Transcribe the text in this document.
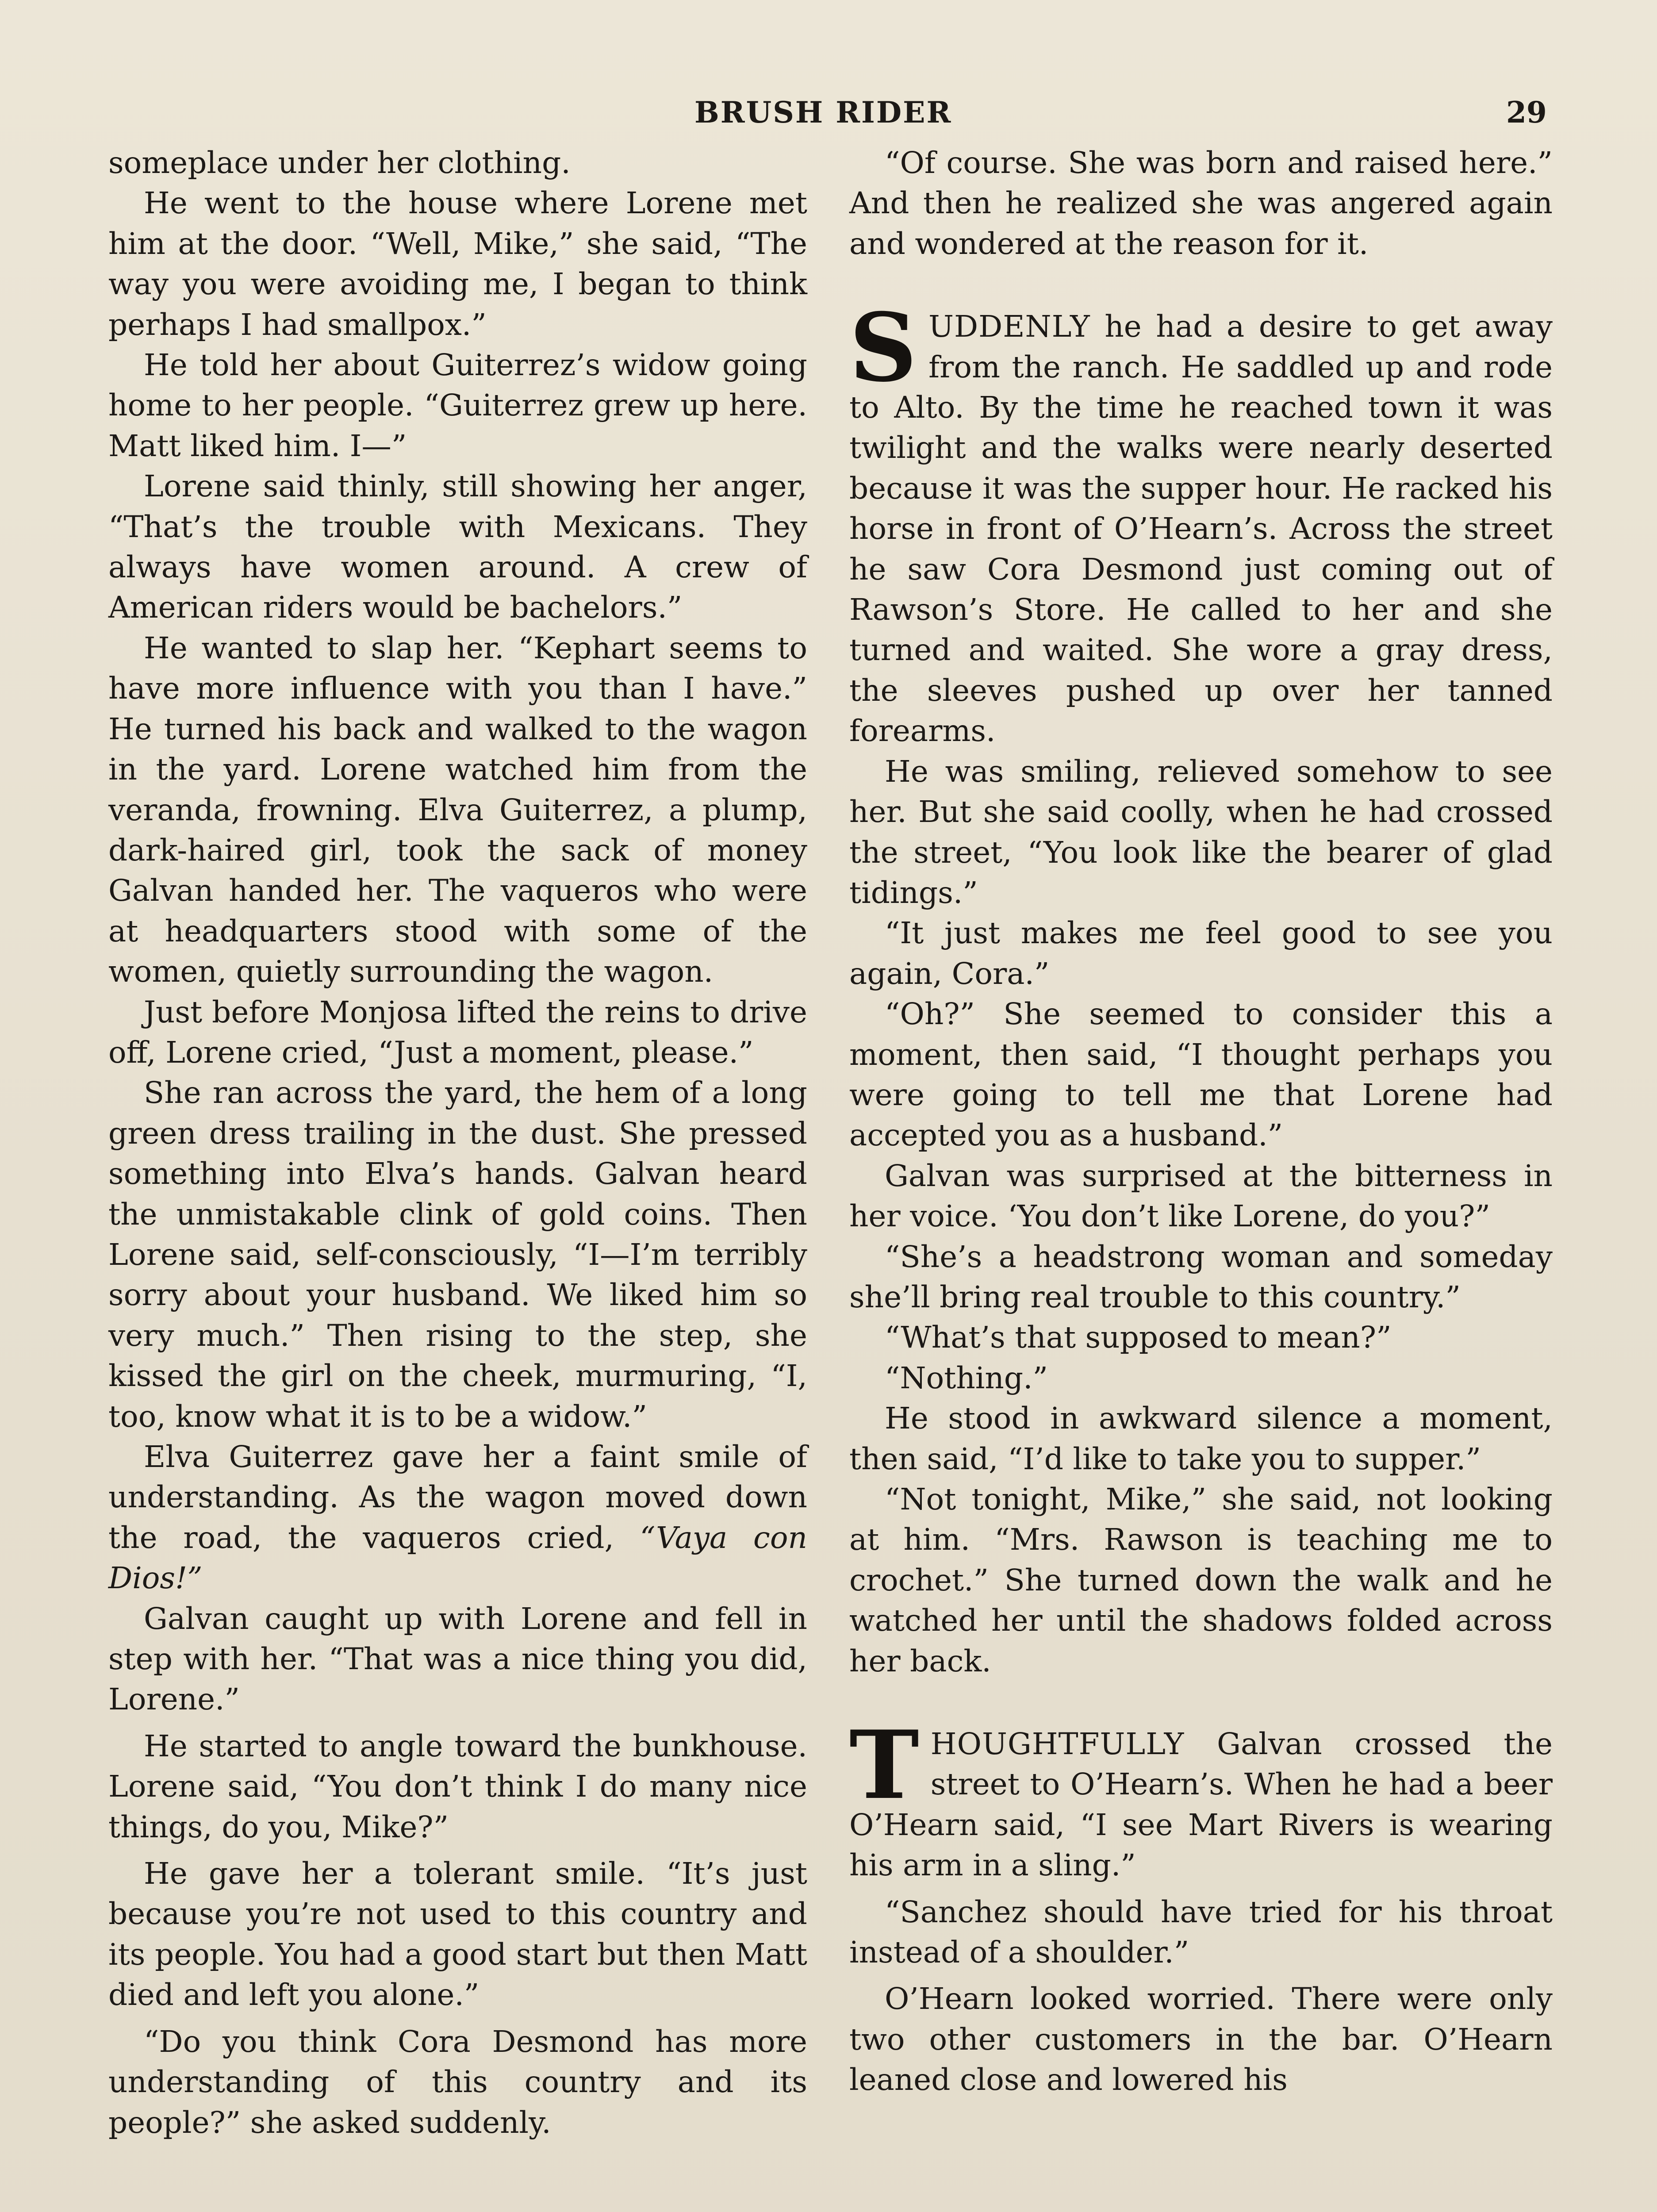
BRUSH RIDER	29

someplace under her clothing.

He went to the house where Lorene met him at the door. “Well, Mike,” she said, “The way you were avoiding me, I began to think perhaps I had smallpox.”

He told her about Guiterrez’s widow going home to her people. “Guiterrez grew up here. Matt liked him. I—”

Lorene said thinly, still showing her anger, “That’s the trouble with Mexicans. They always have women around. A crew of American riders would be bachelors.”

He wanted to slap her. “Kephart seems to have more influence with you than I have.” He turned his back and walked to the wagon in the yard. Lorene watched him from the veranda, frowning. Elva Guiterrez, a plump, dark-haired girl, took the sack of money Galvan handed her. The vaqueros who were at headquarters stood with some of the women, quietly surrounding the wagon.

Just before Monjosa lifted the reins to drive off, Lorene cried, “Just a moment, please.”

She ran across the yard, the hem of a long green dress trailing in the dust. She pressed something into Elva’s hands. Galvan heard the unmistakable clink of gold coins. Then Lorene said, self-consciously, “I—I’m terribly sorry about your husband. We liked him so very much.” Then rising to the step, she kissed the girl on the cheek, murmuring, “I, too, know what it is to be a widow.”

Elva Guiterrez gave her a faint smile of understanding. As the wagon moved down the road, the vaqueros cried, “Vaya con Dios!”

Galvan caught up with Lorene and fell in step with her. “That was a nice thing you did, Lorene.”

He started to angle toward the bunkhouse. Lorene said, “You don’t think I do many nice things, do you, Mike?”

He gave her a tolerant smile. “It’s just because you’re not used to this country and its people. You had a good start but then Matt died and left you alone.”

“Do you think Cora Desmond has more understanding of this country and its people?” she asked suddenly.

“Of course. She was born and raised here.” And then he realized she was angered again and wondered at the reason for it.

SUDDENLY he had a desire to get away from the ranch. He saddled up and rode to Alto. By the time he reached town it was twilight and the walks were nearly deserted because it was the supper hour. He racked his horse in front of O’Hearn’s. Across the street he saw Cora Desmond just coming out of Rawson’s Store. He called to her and she turned and waited. She wore a gray dress, the sleeves pushed up over her tanned forearms.

He was smiling, relieved somehow to see her. But she said coolly, when he had crossed the street, “You look like the bearer of glad tidings.”

“It just makes me feel good to see you again, Cora.”

“Oh?” She seemed to consider this a moment, then said, “I thought perhaps you were going to tell me that Lorene had accepted you as a husband.”

Galvan was surprised at the bitterness in her voice. ‘You don’t like Lorene, do you?”

“She’s a headstrong woman and someday she’ll bring real trouble to this country.”

“What’s that supposed to mean?”

“Nothing.”

He stood in awkward silence a moment, then said, “I’d like to take you to supper.”

“Not tonight, Mike,” she said, not looking at him. “Mrs. Rawson is teaching me to crochet.” She turned down the walk and he watched her until the shadows folded across her back.

THOUGHTFULLY Galvan crossed the street to O’Hearn’s. When he had a beer O’Hearn said, “I see Mart Rivers is wearing his arm in a sling.”

“Sanchez should have tried for his throat instead of a shoulder.”

O’Hearn looked worried. There were only two other customers in the bar. O’Hearn leaned close and lowered his
